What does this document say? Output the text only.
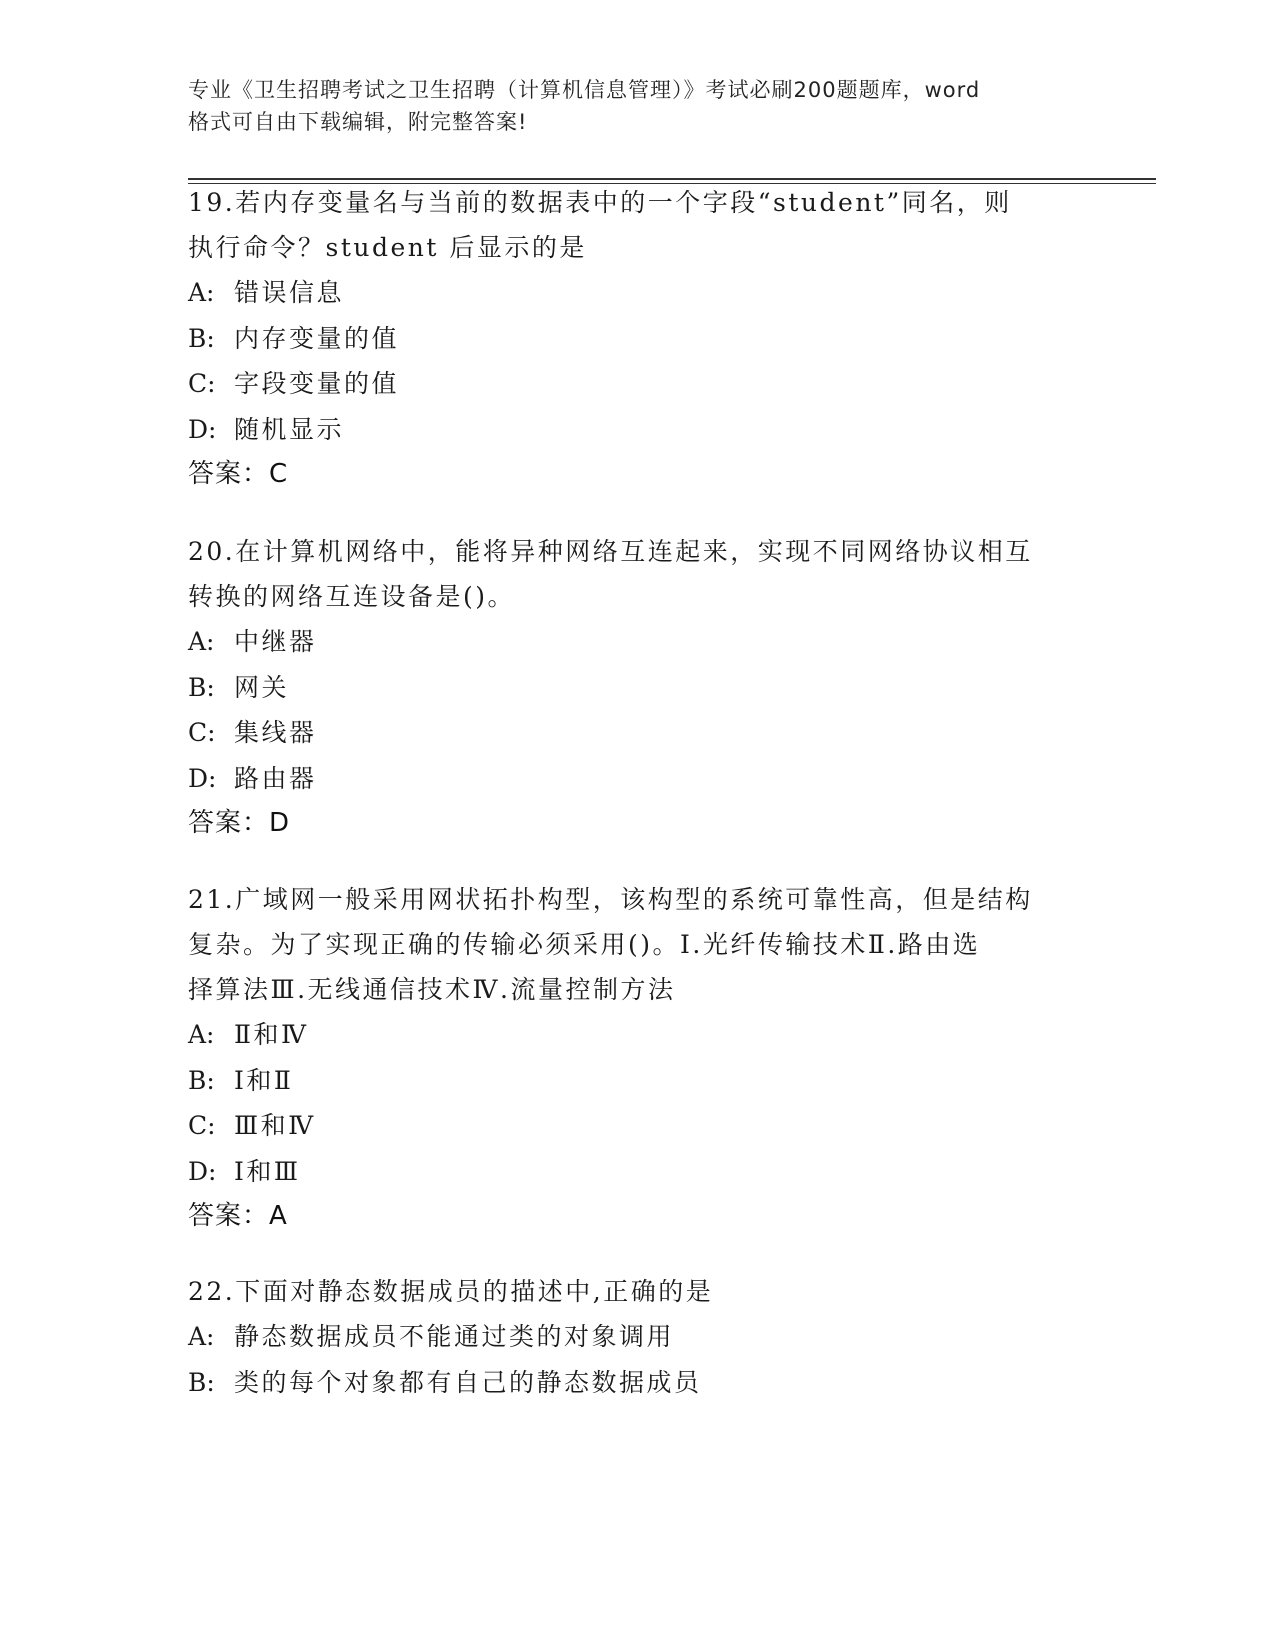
专业《卫生招聘考试之卫生招聘（计算机信息管理）》考试必刷200题题库，word
格式可自由下载编辑，附完整答案!
19.若内存变量名与当前的数据表中的一个字段“student”同名，则
执行命令？student 后显示的是
A: 错误信息
B: 内存变量的值
C: 字段变量的值
D: 随机显示
答案：C
20.在计算机网络中，能将异种网络互连起来，实现不同网络协议相互
转换的网络互连设备是()。
A: 中继器
B: 网关
C: 集线器
D: 路由器
答案：D
21.广域网一般采用网状拓扑构型，该构型的系统可靠性高，但是结构
复杂。为了实现正确的传输必须采用()。Ⅰ.光纤传输技术Ⅱ.路由选
择算法Ⅲ.无线通信技术Ⅳ.流量控制方法
A: Ⅱ和Ⅳ
B: Ⅰ和Ⅱ
C: Ⅲ和Ⅳ
D: Ⅰ和Ⅲ
答案：A
22.下面对静态数据成员的描述中,正确的是
A: 静态数据成员不能通过类的对象调用
B: 类的每个对象都有自己的静态数据成员
